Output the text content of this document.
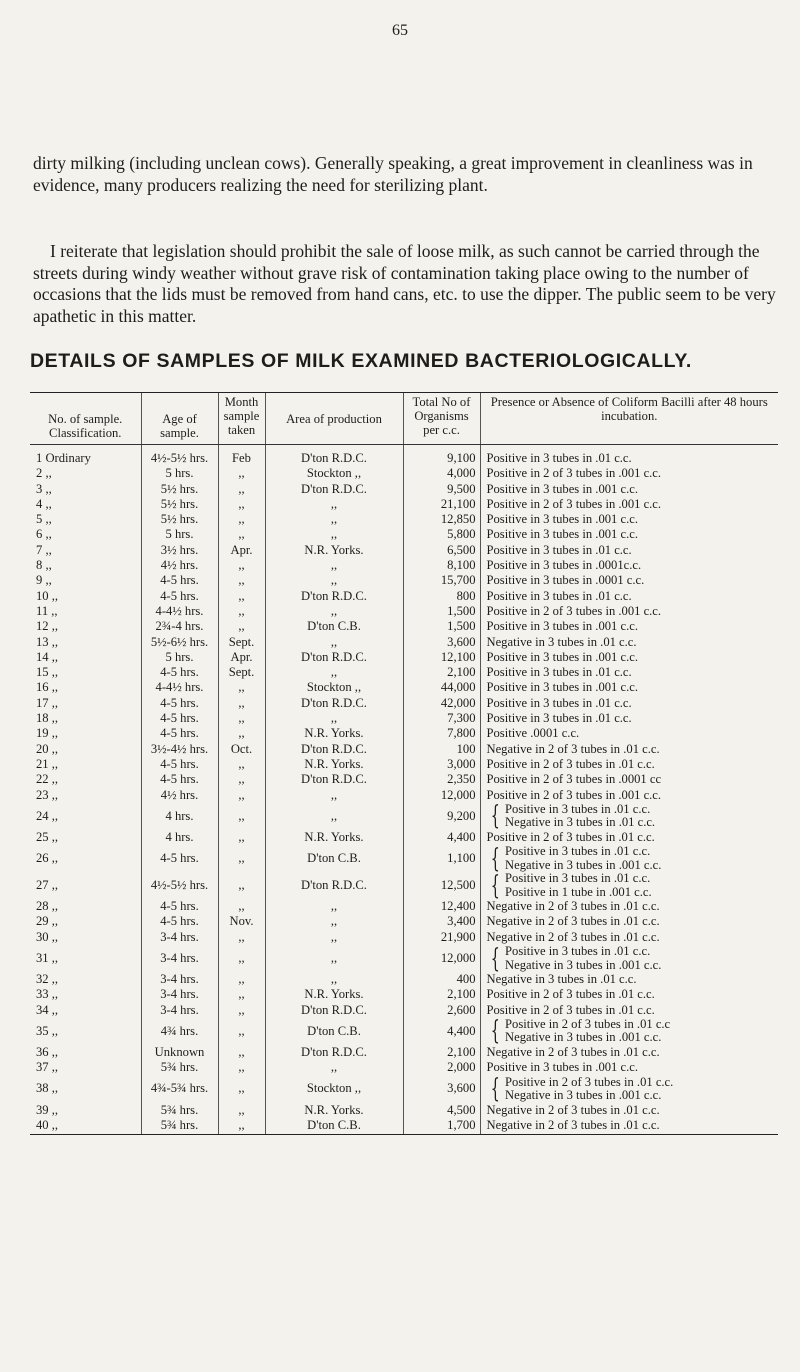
65

dirty milking (including unclean cows). Generally speaking, a great improvement in cleanliness was in evidence, many producers realizing the need for sterilizing plant.

I reiterate that legislation should prohibit the sale of loose milk, as such cannot be carried through the streets during windy weather without grave risk of contamination taking place owing to the number of occasions that the lids must be removed from hand cans, etc. to use the dipper. The public seem to be very apathetic in this matter.

DETAILS OF SAMPLES OF MILK EXAMINED BACTERIOLOGICALLY.
No. of sample. Classification.	Age of sample.	Month sample taken	Area of production	Total No of Organisms per c.c.	Presence or Absence of Coliform Bacilli after 48 hours incubation.
1 Ordinary	4½-5½ hrs.	Feb	D'ton R.D.C.	9,100	Positive in 3 tubes in .01 c.c.
2 ,,	5 hrs.	,,	Stockton ,,	4,000	Positive in 2 of 3 tubes in .001 c.c.
3 ,,	5½ hrs.	,,	D'ton R.D.C.	9,500	Positive in 3 tubes in .001 c.c.
4 ,,	5½ hrs.	,,	,,	21,100	Positive in 2 of 3 tubes in .001 c.c.
5 ,,	5½ hrs.	,,	,,	12,850	Positive in 3 tubes in .001 c.c.
6 ,,	5 hrs.	,,	,,	5,800	Positive in 3 tubes in .001 c.c.
7 ,,	3½ hrs.	Apr.	N.R. Yorks.	6,500	Positive in 3 tubes in .01 c.c.
8 ,,	4½ hrs.	,,	,,	8,100	Positive in 3 tubes in .0001c.c.
9 ,,	4-5 hrs.	,,	,,	15,700	Positive in 3 tubes in .0001 c.c.
10 ,,	4-5 hrs.	,,	D'ton R.D.C.	800	Positive in 3 tubes in .01 c.c.
11 ,,	4-4½ hrs.	,,	,,	1,500	Positive in 2 of 3 tubes in .001 c.c.
12 ,,	2¾-4 hrs.	,,	D'ton C.B.	1,500	Positive in 3 tubes in .001 c.c.
13 ,,	5½-6½ hrs.	Sept.	,,	3,600	Negative in 3 tubes in .01 c.c.
14 ,,	5 hrs.	Apr.	D'ton R.D.C.	12,100	Positive in 3 tubes in .001 c.c.
15 ,,	4-5 hrs.	Sept.	,,	2,100	Positive in 3 tubes in .01 c.c.
16 ,,	4-4½ hrs.	,,	Stockton ,,	44,000	Positive in 3 tubes in .001 c.c.
17 ,,	4-5 hrs.	,,	D'ton R.D.C.	42,000	Positive in 3 tubes in .01 c.c.
18 ,,	4-5 hrs.	,,	,,	7,300	Positive in 3 tubes in .01 c.c.
19 ,,	4-5 hrs.	,,	N.R. Yorks.	7,800	Positive .0001 c.c.
20 ,,	3½-4½ hrs.	Oct.	D'ton R.D.C.	100	Negative in 2 of 3 tubes in .01 c.c.
21 ,,	4-5 hrs.	,,	N.R. Yorks.	3,000	Positive in 2 of 3 tubes in .01 c.c.
22 ,,	4-5 hrs.	,,	D'ton R.D.C.	2,350	Positive in 2 of 3 tubes in .0001 cc
23 ,,	4½ hrs.	,,	,,	12,000	Positive in 2 of 3 tubes in .001 c.c.
24 ,,	4 hrs.	,,	,,	9,200	{ Positive in 3 tubes in .01 c.c.
Negative in 3 tubes in .01 c.c.

25 ,,	4 hrs.	,,	N.R. Yorks.	4,400	Positive in 2 of 3 tubes in .01 c.c.
26 ,,	4-5 hrs.	,,	D'ton C.B.	1,100	{ Positive in 3 tubes in .01 c.c.
Negative in 3 tubes in .001 c.c.

27 ,,	4½-5½ hrs.	,,	D'ton R.D.C.	12,500	{ Positive in 3 tubes in .01 c.c.
Positive in 1 tube in .001 c.c.

28 ,,	4-5 hrs.	,,	,,	12,400	Negative in 2 of 3 tubes in .01 c.c.
29 ,,	4-5 hrs.	Nov.	,,	3,400	Negative in 2 of 3 tubes in .01 c.c.
30 ,,	3-4 hrs.	,,	,,	21,900	Negative in 2 of 3 tubes in .01 c.c.
31 ,,	3-4 hrs.	,,	,,	12,000	{ Positive in 3 tubes in .01 c.c.
Negative in 3 tubes in .001 c.c.

32 ,,	3-4 hrs.	,,	,,	400	Negative in 3 tubes in .01 c.c.
33 ,,	3-4 hrs.	,,	N.R. Yorks.	2,100	Positive in 2 of 3 tubes in .01 c.c.
34 ,,	3-4 hrs.	,,	D'ton R.D.C.	2,600	Positive in 2 of 3 tubes in .01 c.c.
35 ,,	4¾ hrs.	,,	D'ton C.B.	4,400	{ Positive in 2 of 3 tubes in .01 c.c
Negative in 3 tubes in .001 c.c.

36 ,,	Unknown	,,	D'ton R.D.C.	2,100	Negative in 2 of 3 tubes in .01 c.c.
37 ,,	5¾ hrs.	,,	,,	2,000	Positive in 3 tubes in .001 c.c.
38 ,,	4¾-5¾ hrs.	,,	Stockton ,,	3,600	{ Positive in 2 of 3 tubes in .01 c.c.
Negative in 3 tubes in .001 c.c.

39 ,,	5¾ hrs.	,,	N.R. Yorks.	4,500	Negative in 2 of 3 tubes in .01 c.c.
40 ,,	5¾ hrs.	,,	D'ton C.B.	1,700	Negative in 2 of 3 tubes in .01 c.c.
